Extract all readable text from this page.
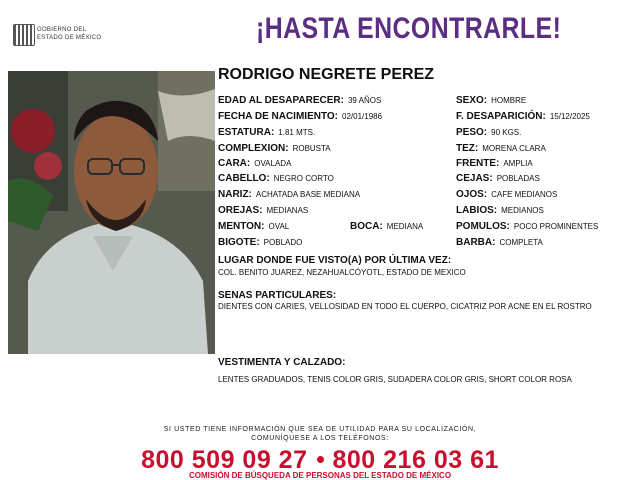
GOBIERNO DEL
ESTADO DE MÉXICO	¡HASTA ENCONTRARLE!
RODRIGO NEGRETE PEREZ
EDAD AL DESAPARECER: 39 AÑOS
FECHA DE NACIMIENTO: 02/01/1986
ESTATURA: 1.81 MTS.
COMPLEXION: ROBUSTA
CARA: OVALADA
CABELLO: NEGRO CORTO
NARIZ: ACHATADA BASE MEDIANA
OREJAS: MEDIANAS
MENTON: OVAL	BOCA: MEDIANA
BIGOTE: POBLADO
SEXO: HOMBRE
F. DESAPARICIÓN: 15/12/2025
PESO: 90 KGS.
TEZ: MORENA CLARA
FRENTE: AMPLIA
CEJAS: POBLADAS
OJOS: CAFE MEDIANOS
LABIOS: MEDIANOS
POMULOS: POCO PROMINENTES
BARBA: COMPLETA
LUGAR DONDE FUE VISTO(A) POR ÚLTIMA VEZ:
COL. BENITO JUAREZ, NEZAHUALCÓYOTL, ESTADO DE MEXICO
SENAS PARTICULARES:
DIENTES CON CARIES, VELLOSIDAD EN TODO EL CUERPO, CICATRIZ POR ACNE EN EL ROSTRO
VESTIMENTA Y CALZADO:
LENTES GRADUADOS, TENIS COLOR GRIS, SUDADERA COLOR GRIS, SHORT COLOR ROSA
SI USTED TIENE INFORMACIÓN QUE SEA DE UTILIDAD PARA SU LOCALIZACIÓN,
COMUNÍQUESE A LOS TELÉFONOS:
800 509 09 27 800 216 03 61
COMISIÓN DE BÚSQUEDA DE PERSONAS DEL ESTADO DE MÉXICO
